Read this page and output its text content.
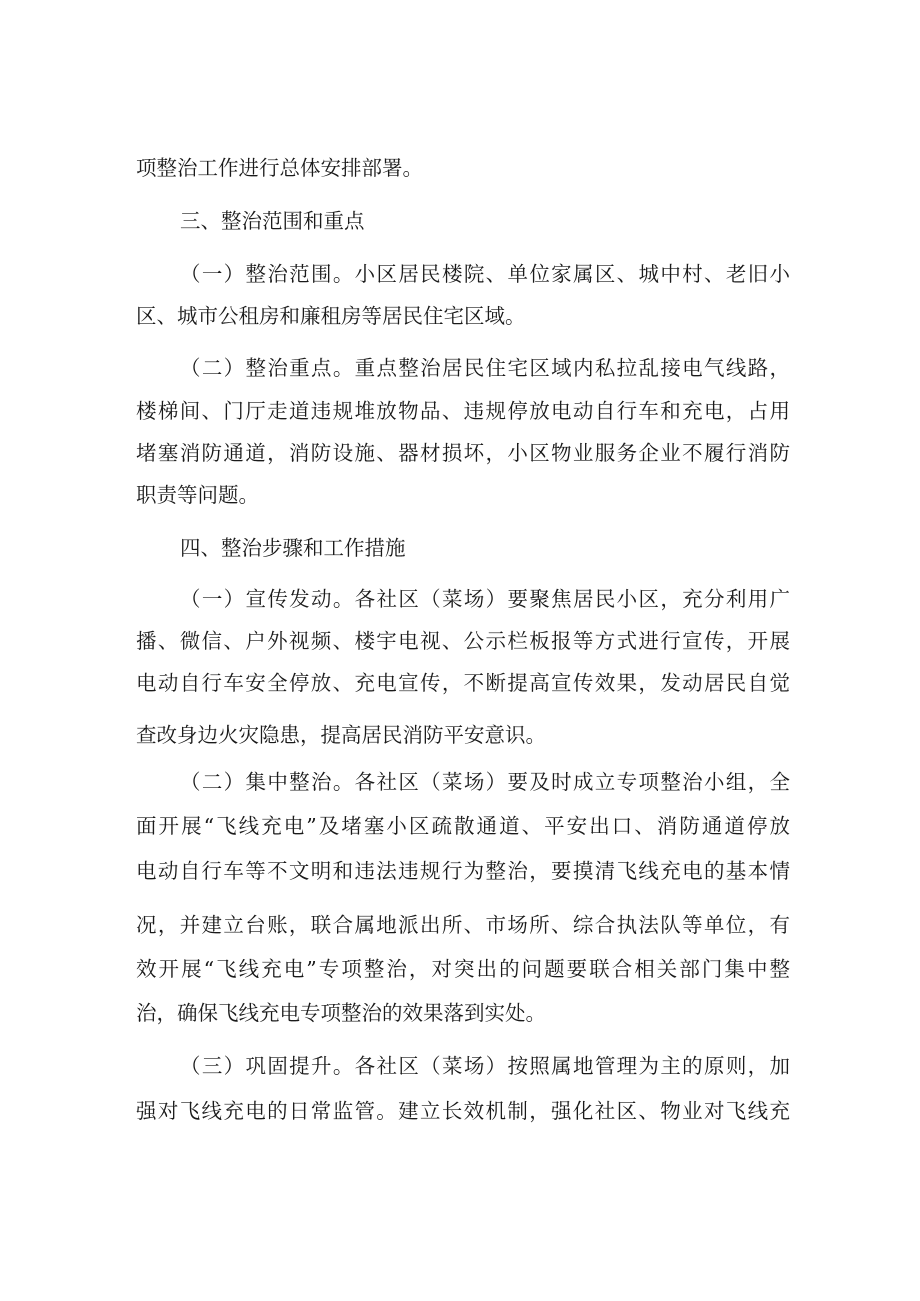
项整治工作进行总体安排部署。
三、整治范围和重点
（一）整治范围。小区居民楼院、单位家属区、城中村、老旧小
区、城市公租房和廉租房等居民住宅区域。
（二）整治重点。重点整治居民住宅区域内私拉乱接电气线路，
楼梯间、门厅走道违规堆放物品、违规停放电动自行车和充电，占用
堵塞消防通道，消防设施、器材损坏，小区物业服务企业不履行消防
职责等问题。
四、整治步骤和工作措施
（一）宣传发动。各社区（菜场）要聚焦居民小区，充分利用广
播、微信、户外视频、楼宇电视、公示栏板报等方式进行宣传，开展
电动自行车安全停放、充电宣传，不断提高宣传效果，发动居民自觉
查改身边火灾隐患，提高居民消防平安意识。
（二）集中整治。各社区（菜场）要及时成立专项整治小组，全
面开展“飞线充电”及堵塞小区疏散通道、平安出口、消防通道停放
电动自行车等不文明和违法违规行为整治，要摸清飞线充电的基本情
况，并建立台账，联合属地派出所、市场所、综合执法队等单位，有
效开展“飞线充电”专项整治，对突出的问题要联合相关部门集中整
治，确保飞线充电专项整治的效果落到实处。
（三）巩固提升。各社区（菜场）按照属地管理为主的原则，加
强对飞线充电的日常监管。建立长效机制，强化社区、物业对飞线充
